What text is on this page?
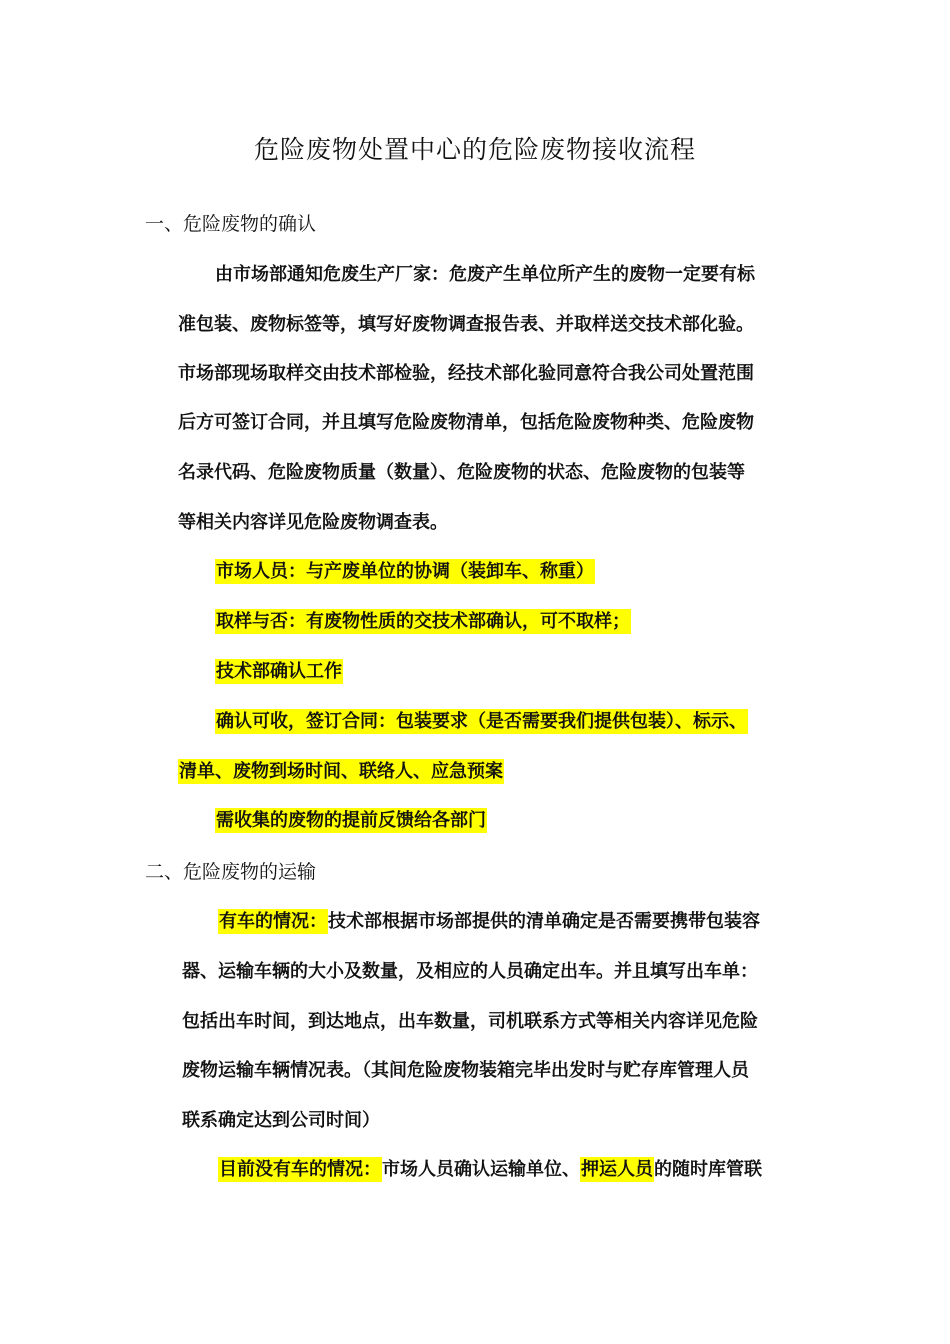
危险废物处置中心的危险废物接收流程
一、危险废物的确认

由市场部通知危废生产厂家：危废产生单位所产生的废物一定要有标

准包装、废物标签等，填写好废物调查报告表、并取样送交技术部化验。

市场部现场取样交由技术部检验，经技术部化验同意符合我公司处置范围

后方可签订合同，并且填写危险废物清单，包括危险废物种类、危险废物

名录代码、危险废物质量（数量）、危险废物的状态、危险废物的包装等

等相关内容详见危险废物调查表。

市场人员：与产废单位的协调（装卸车、称重）

取样与否：有废物性质的交技术部确认，可不取样；

技术部确认工作

确认可收，签订合同：包装要求（是否需要我们提供包装）、标示、

清单、废物到场时间、联络人、应急预案

需收集的废物的提前反馈给各部门

二、危险废物的运输

有车的情况：技术部根据市场部提供的清单确定是否需要携带包装容

器、运输车辆的大小及数量，及相应的人员确定出车。并且填写出车单：

包括出车时间，到达地点，出车数量，司机联系方式等相关内容详见危险

废物运输车辆情况表。（其间危险废物装箱完毕出发时与贮存库管理人员

联系确定达到公司时间）

目前没有车的情况：市场人员确认运输单位、押运人员的随时库管联
